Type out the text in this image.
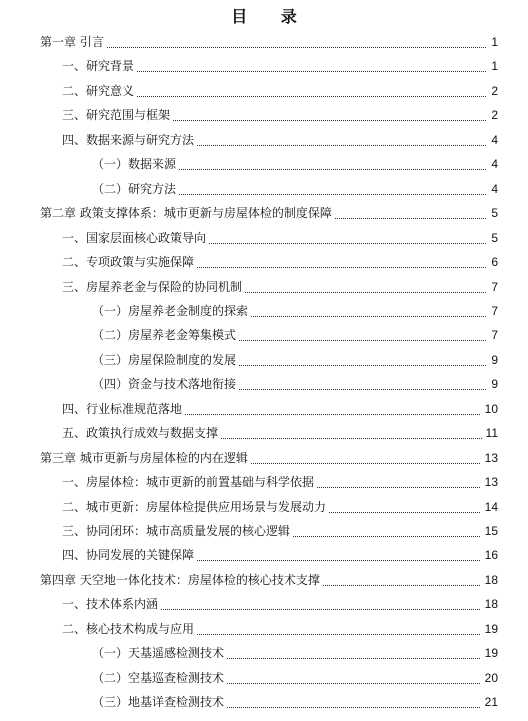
目 录
第一章 引言	1
一、研究背景	1
二、研究意义	2
三、研究范围与框架	2
四、数据来源与研究方法	4
（一）数据来源	4
（二）研究方法	4
第二章 政策支撑体系：城市更新与房屋体检的制度保障	5
一、国家层面核心政策导向	5
二、专项政策与实施保障	6
三、房屋养老金与保险的协同机制	7
（一）房屋养老金制度的探索	7
（二）房屋养老金筹集模式	7
（三）房屋保险制度的发展	9
（四）资金与技术落地衔接	9
四、行业标准规范落地	10
五、政策执行成效与数据支撑	11
第三章 城市更新与房屋体检的内在逻辑	13
一、房屋体检：城市更新的前置基础与科学依据	13
二、城市更新：房屋体检提供应用场景与发展动力	14
三、协同闭环：城市高质量发展的核心逻辑	15
四、协同发展的关键保障	16
第四章 天空地一体化技术：房屋体检的核心技术支撑	18
一、技术体系内涵	18
二、核心技术构成与应用	19
（一）天基遥感检测技术	19
（二）空基巡查检测技术	20
（三）地基详查检测技术	21
